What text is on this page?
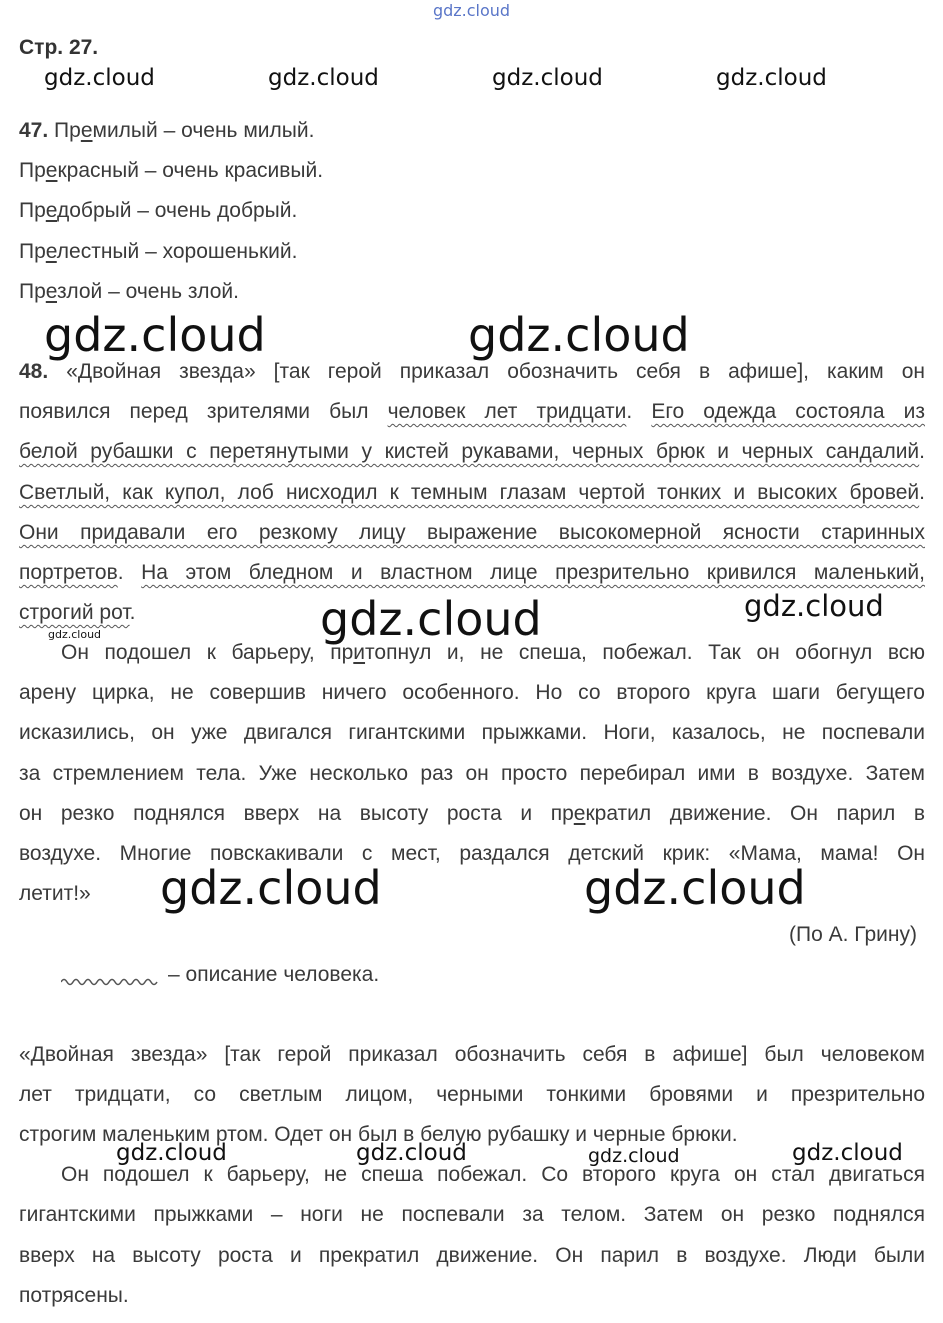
gdz.cloud
Стр. 27.
gdz.cloud	gdz.cloud	gdz.cloud	gdz.cloud
47. Премилый – очень милый.
Прекрасный – очень красивый.
Предобрый – очень добрый.
Прелестный – хорошенький.
Презлой – очень злой.
gdz.cloud	gdz.cloud
48. «Двойная звезда» [так герой приказал обозначить себя в афише], каким он
появился перед зрителями был человек лет тридцати. Его одежда состояла из
белой рубашки с перетянутыми у кистей рукавами, черных брюк и черных сандалий.
Светлый, как купол, лоб нисходил к темным глазам чертой тонких и высоких бровей.
Они придавали его резкому лицу выражение высокомерной ясности старинных
портретов. На этом бледном и властном лице презрительно кривился маленький,
строгий рот.	gdz.cloud	gdz.cloud
gdz.cloud
Он подошел к барьеру, притопнул и, не спеша, побежал. Так он обогнул всю
арену цирка, не совершив ничего особенного. Но со второго круга шаги бегущего
исказились, он уже двигался гигантскими прыжками. Ноги, казалось, не поспевали
за стремлением тела. Уже несколько раз он просто перебирал ими в воздухе. Затем
он резко поднялся вверх на высоту роста и прекратил движение. Он парил в
воздухе. Многие повскакивали с мест, раздался детский крик: «Мама, мама! Он
летит!»	gdz.cloud	gdz.cloud
(По А. Грину)
– описание человека.
«Двойная звезда» [так герой приказал обозначить себя в афише] был человеком
лет тридцати, со светлым лицом, черными тонкими бровями и презрительно
строгим маленьким ртом. Одет он был в белую рубашку и черные брюки.
gdz.cloud	gdz.cloud	gdz.cloud	gdz.cloud
Он подошел к барьеру, не спеша побежал. Со второго круга он стал двигаться
гигантскими прыжками – ноги не поспевали за телом. Затем он резко поднялся
вверх на высоту роста и прекратил движение. Он парил в воздухе. Люди были
потрясены.
